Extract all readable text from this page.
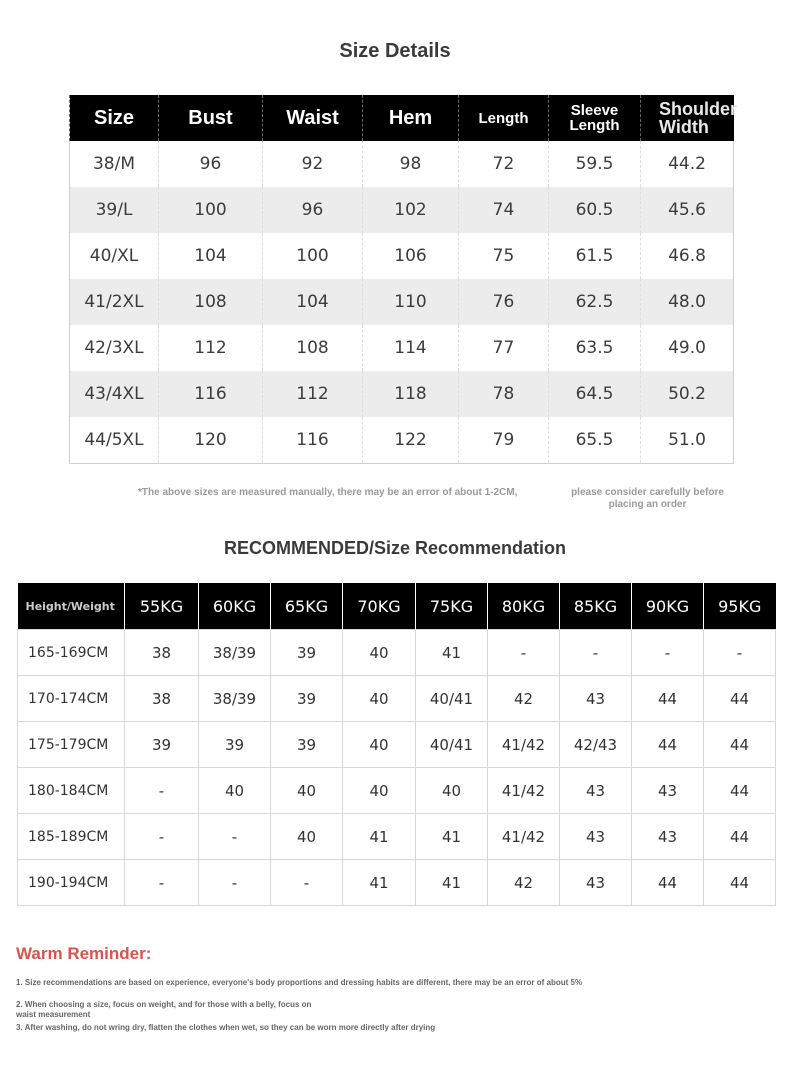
Size Details
Size	Bust	Waist	Hem	Length	Sleeve Length	Shoulder Width
38/M	96	92	98	72	59.5	44.2
39/L	100	96	102	74	60.5	45.6
40/XL	104	100	106	75	61.5	46.8
41/2XL	108	104	110	76	62.5	48.0
42/3XL	112	108	114	77	63.5	49.0
43/4XL	116	112	118	78	64.5	50.2
44/5XL	120	116	122	79	65.5	51.0
*The above sizes are measured manually, there may be an error of about 1-2CM,	please consider carefully before placing an order
RECOMMENDED/Size Recommendation
Height/Weight	55KG	60KG	65KG	70KG	75KG	80KG	85KG	90KG	95KG
165-169CM	38	38/39	39	40	41	-	-	-	-
170-174CM	38	38/39	39	40	40/41	42	43	44	44
175-179CM	39	39	39	40	40/41	41/42	42/43	44	44
180-184CM	-	40	40	40	40	41/42	43	43	44
185-189CM	-	-	40	41	41	41/42	43	43	44
190-194CM	-	-	-	41	41	42	43	44	44
Warm Reminder:
1. Size recommendations are based on experience, everyone's body proportions and dressing habits are different, there may be an error of about 5%
2. When choosing a size, focus on weight, and for those with a belly, focus on waist measurement
3. After washing, do not wring dry, flatten the clothes when wet, so they can be worn more directly after drying
